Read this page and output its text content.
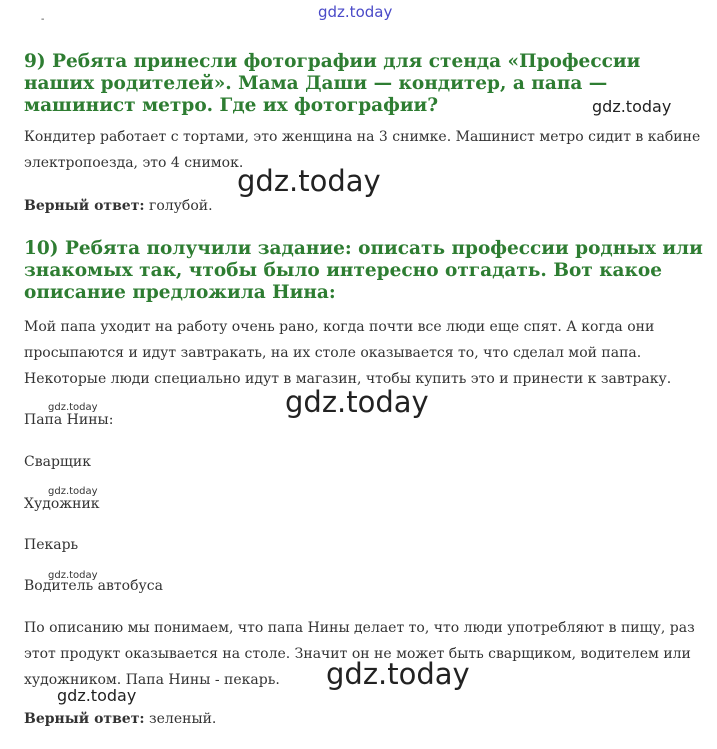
gdz.today
-
9) Ребята принесли фотографии для стенда «Профессии наших родителей». Мама Даши — кондитер, а папа — машинист метро. Где их фотографии?	gdz.today

Кондитер работает с тортами, это женщина на 3 снимке. Машинист метро сидит в кабине электропоезда, это 4 снимок.

gdz.today

Верный ответ: голубой.

10) Ребята получили задание: описать профессии родных или знакомых так, чтобы было интересно отгадать. Вот какое описание предложила Нина:

Мой папа уходит на работу очень рано, когда почти все люди еще спят. А когда они просыпаются и идут завтракать, на их столе оказывается то, что сделал мой папа. Некоторые люди специально идут в магазин, чтобы купить это и принести к завтраку.

gdz.today
gdz.today

Папа Нины:

Сварщик

gdz.today

Художник

Пекарь

gdz.today

Водитель автобуса

По описанию мы понимаем, что папа Нины делает то, что люди употребляют в пищу, раз этот продукт оказывается на столе. Значит он не может быть сварщиком, водителем или художником. Папа Нины - пекарь.	gdz.today
gdz.today

Верный ответ: зеленый.
